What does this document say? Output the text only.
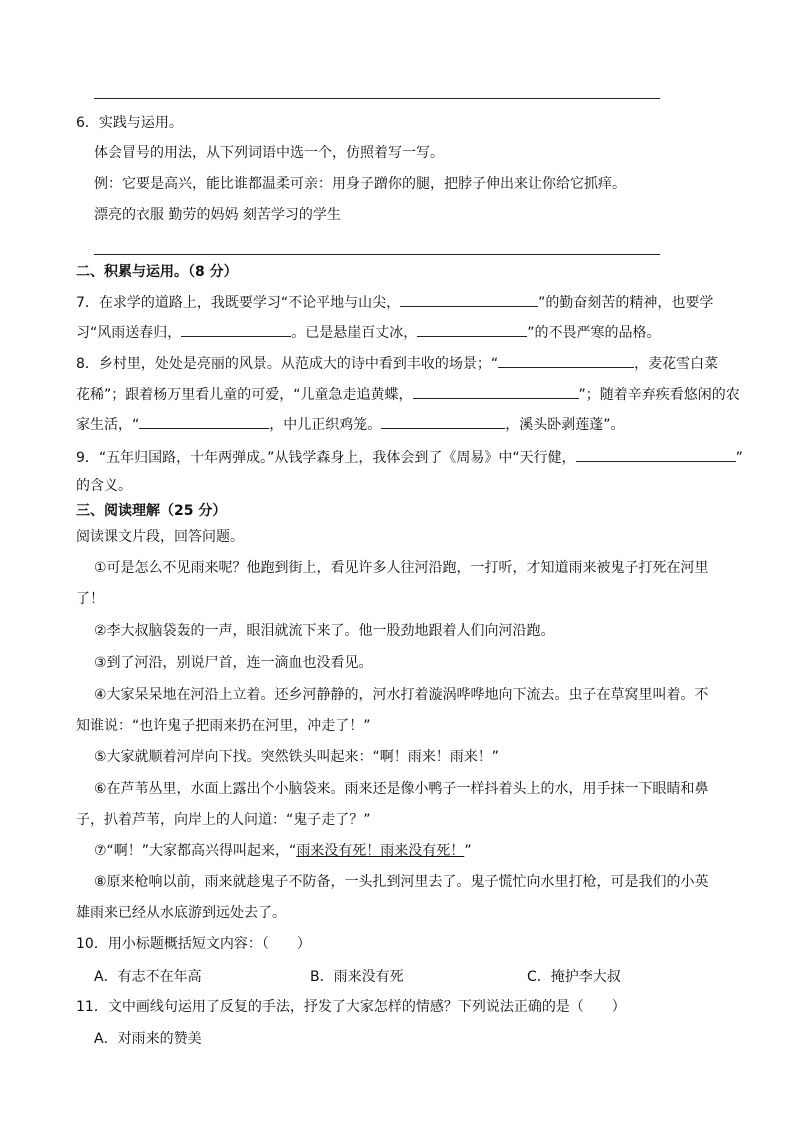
6．实践与运用。
体会冒号的用法，从下列词语中选一个，仿照着写一写。
例：它要是高兴，能比谁都温柔可亲：用身子蹭你的腿，把脖子伸出来让你给它抓痒。
漂亮的衣服 勤劳的妈妈 刻苦学习的学生
二、积累与运用。（8 分）
7．在求学的道路上，我既要学习“不论平地与山尖，	”的勤奋刻苦的精神，也要学
习“风雨送春归，	。已是悬崖百丈冰，	”的不畏严寒的品格。
8．乡村里，处处是亮丽的风景。从范成大的诗中看到丰收的场景；“	，麦花雪白菜
花稀”；跟着杨万里看儿童的可爱，“儿童急走追黄蝶，	”；随着辛弃疾看悠闲的农
家生活，“	，中儿正织鸡笼。	，溪头卧剥莲蓬”。
9．“五年归国路，十年两弹成。”从钱学森身上，我体会到了《周易》中“天行健，	”
的含义。
三、阅读理解（25 分）
阅读课文片段，回答问题。
①可是怎么不见雨来呢？他跑到街上，看见许多人往河沿跑，一打听，才知道雨来被鬼子打死在河里
了！
②李大叔脑袋轰的一声，眼泪就流下来了。他一股劲地跟着人们向河沿跑。
③到了河沿，别说尸首，连一滴血也没看见。
④大家呆呆地在河沿上立着。还乡河静静的，河水打着漩涡哗哗地向下流去。虫子在草窝里叫着。不
知谁说：“也许鬼子把雨来扔在河里，冲走了！”
⑤大家就顺着河岸向下找。突然铁头叫起来：“啊！雨来！雨来！”
⑥在芦苇丛里，水面上露出个小脑袋来。雨来还是像小鸭子一样抖着头上的水，用手抹一下眼睛和鼻
子，扒着芦苇，向岸上的人问道：“鬼子走了？”
⑦“啊！”大家都高兴得叫起来，“雨来没有死！雨来没有死！”
⑧原来枪响以前，雨来就趁鬼子不防备，一头扎到河里去了。鬼子慌忙向水里打枪，可是我们的小英
雄雨来已经从水底游到远处去了。
10．用小标题概括短文内容：（　　）
A．有志不在年高	B．雨来没有死	C．掩护李大叔
11．文中画线句运用了反复的手法，抒发了大家怎样的情感？下列说法正确的是（　　）
A．对雨来的赞美
